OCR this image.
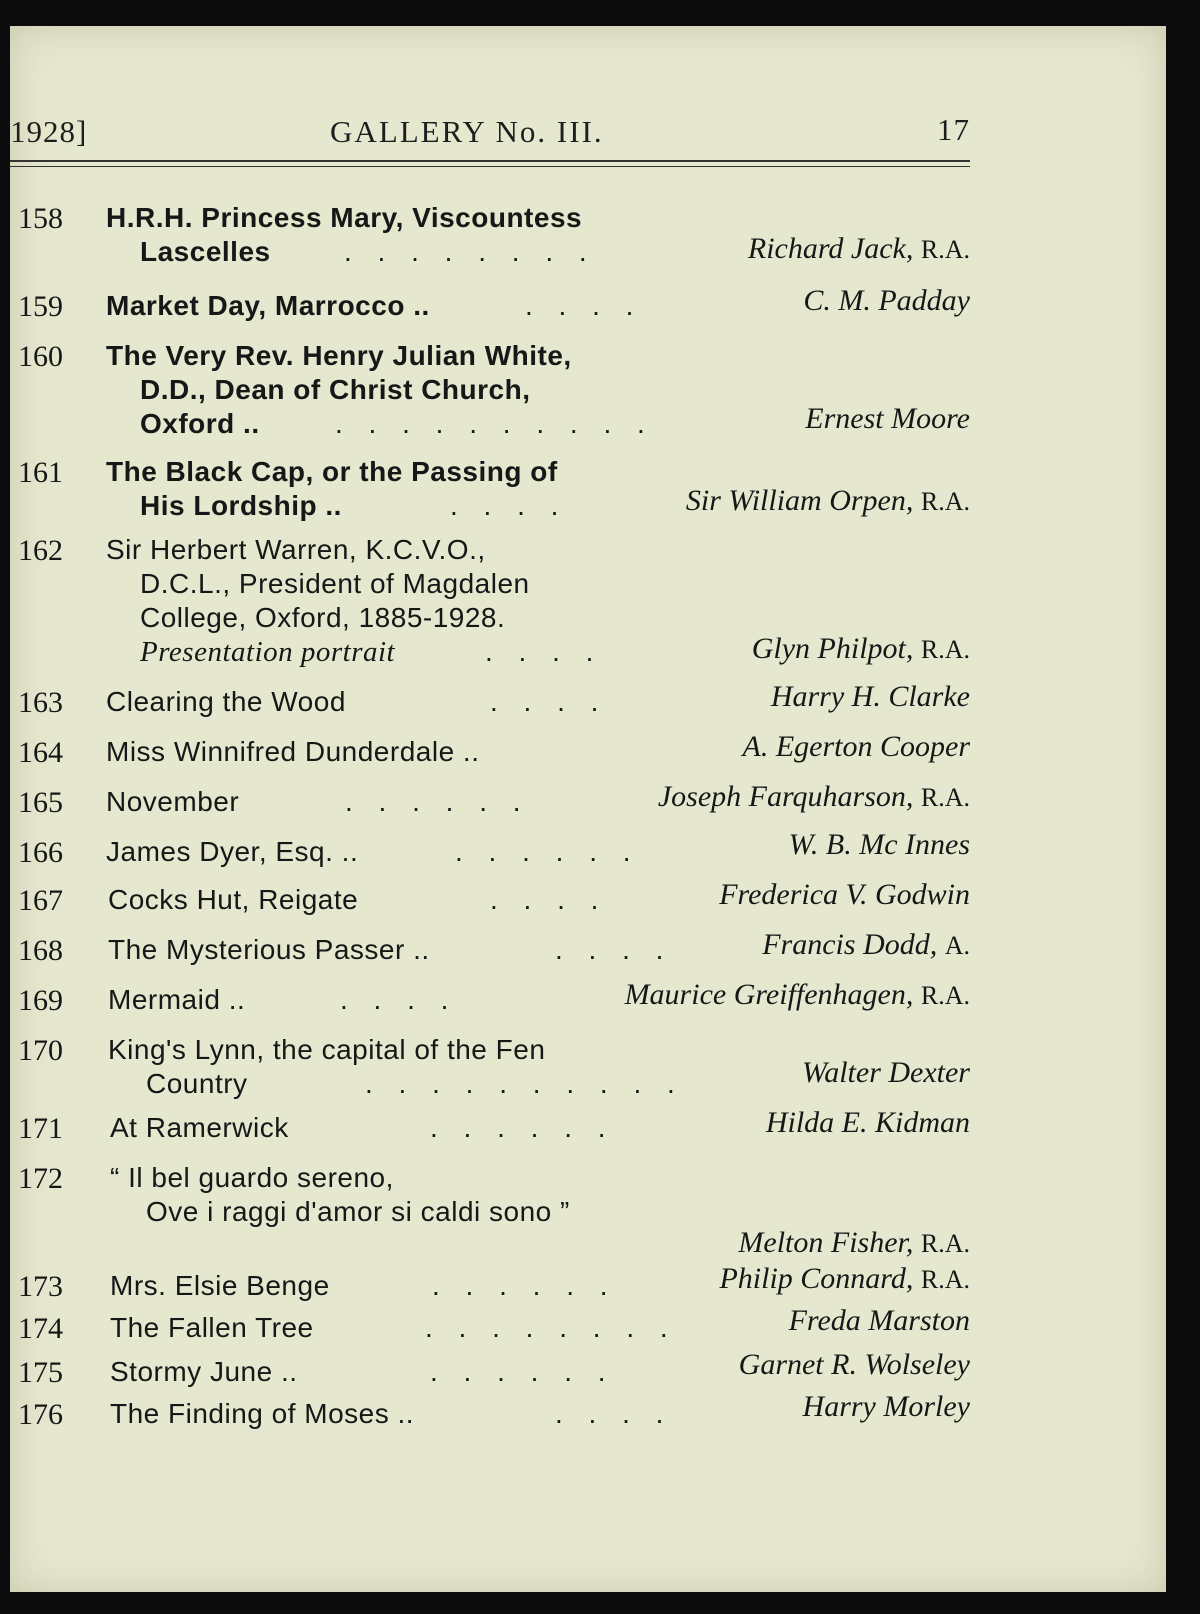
1928]	GALLERY No. III.	17
158 H.R.H. Princess Mary, Viscountess
Lascelles	. . . . . . . .	Richard Jack, R.A.
159 Market Day, Marrocco ..	. . . .	C. M. Padday
160 The Very Rev. Henry Julian White,
D.D., Dean of Christ Church,
Oxford ..	. . . . . . . . . .	Ernest Moore
161 The Black Cap, or the Passing of
His Lordship ..	. . . .	Sir William Orpen, R.A.
162 Sir Herbert Warren, K.C.V.O.,
D.C.L., President of Magdalen
College, Oxford, 1885-1928.
Presentation portrait	. . . .	Glyn Philpot, R.A.
163 Clearing the Wood	. . . .	Harry H. Clarke
164 Miss Winnifred Dunderdale ..	A. Egerton Cooper
165 November	. . . . . .	Joseph Farquharson, R.A.
166 James Dyer, Esq. ..	. . . . . .	W. B. Mc Innes
167 Cocks Hut, Reigate	. . . .	Frederica V. Godwin
168 The Mysterious Passer ..	. . . .	Francis Dodd, A.
169 Mermaid ..	. . . .	Maurice Greiffenhagen, R.A.
170 King's Lynn, the capital of the Fen
Country	. . . . . . . . . .	Walter Dexter
171 At Ramerwick	. . . . . .	Hilda E. Kidman
172 “ Il bel guardo sereno,
Ove i raggi d'amor si caldi sono ”
Melton Fisher, R.A.
173 Mrs. Elsie Benge	. . . . . .	Philip Connard, R.A.
174 The Fallen Tree	. . . . . . . .	Freda Marston
175 Stormy June ..	. . . . . .	Garnet R. Wolseley
176 The Finding of Moses ..	. . . .	Harry Morley
